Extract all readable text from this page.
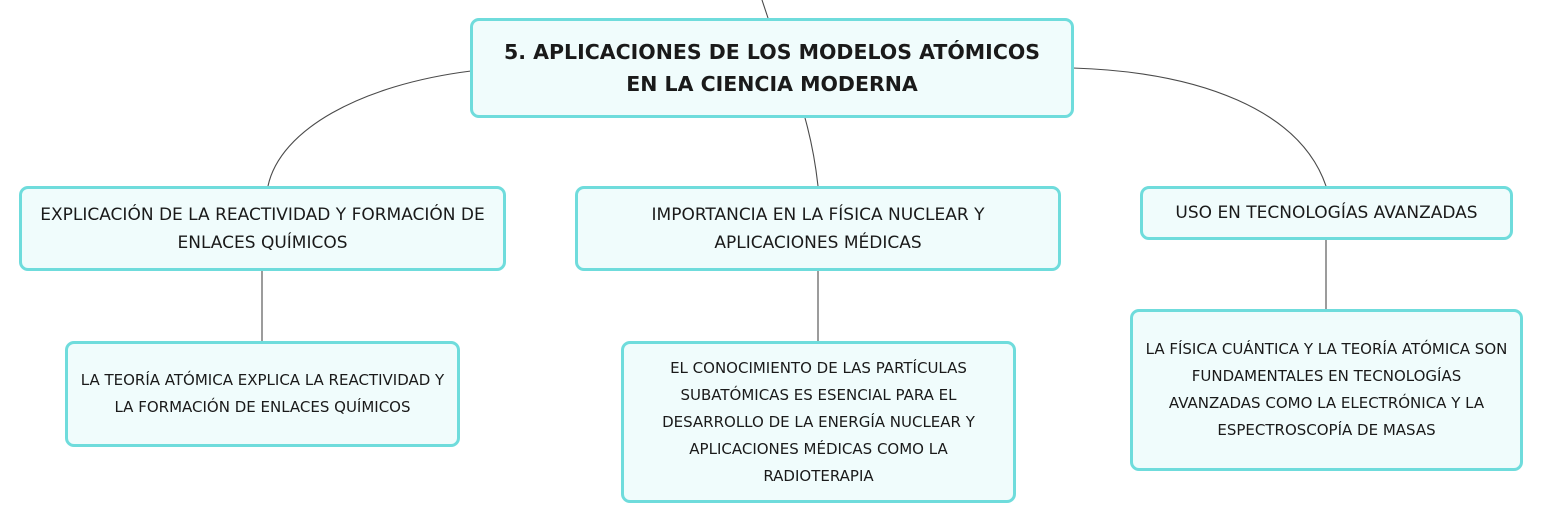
5. APLICACIONES DE LOS MODELOS ATÓMICOS EN LA CIENCIA MODERNA
EXPLICACIÓN DE LA REACTIVIDAD Y FORMACIÓN DE ENLACES QUÍMICOS
IMPORTANCIA EN LA FÍSICA NUCLEAR Y APLICACIONES MÉDICAS
USO EN TECNOLOGÍAS AVANZADAS
LA TEORÍA ATÓMICA EXPLICA LA REACTIVIDAD Y LA FORMACIÓN DE ENLACES QUÍMICOS
EL CONOCIMIENTO DE LAS PARTÍCULAS SUBATÓMICAS ES ESENCIAL PARA EL DESARROLLO DE LA ENERGÍA NUCLEAR Y APLICACIONES MÉDICAS COMO LA RADIOTERAPIA
LA FÍSICA CUÁNTICA Y LA TEORÍA ATÓMICA SON FUNDAMENTALES EN TECNOLOGÍAS AVANZADAS COMO LA ELECTRÓNICA Y LA ESPECTROSCOPÍA DE MASAS
